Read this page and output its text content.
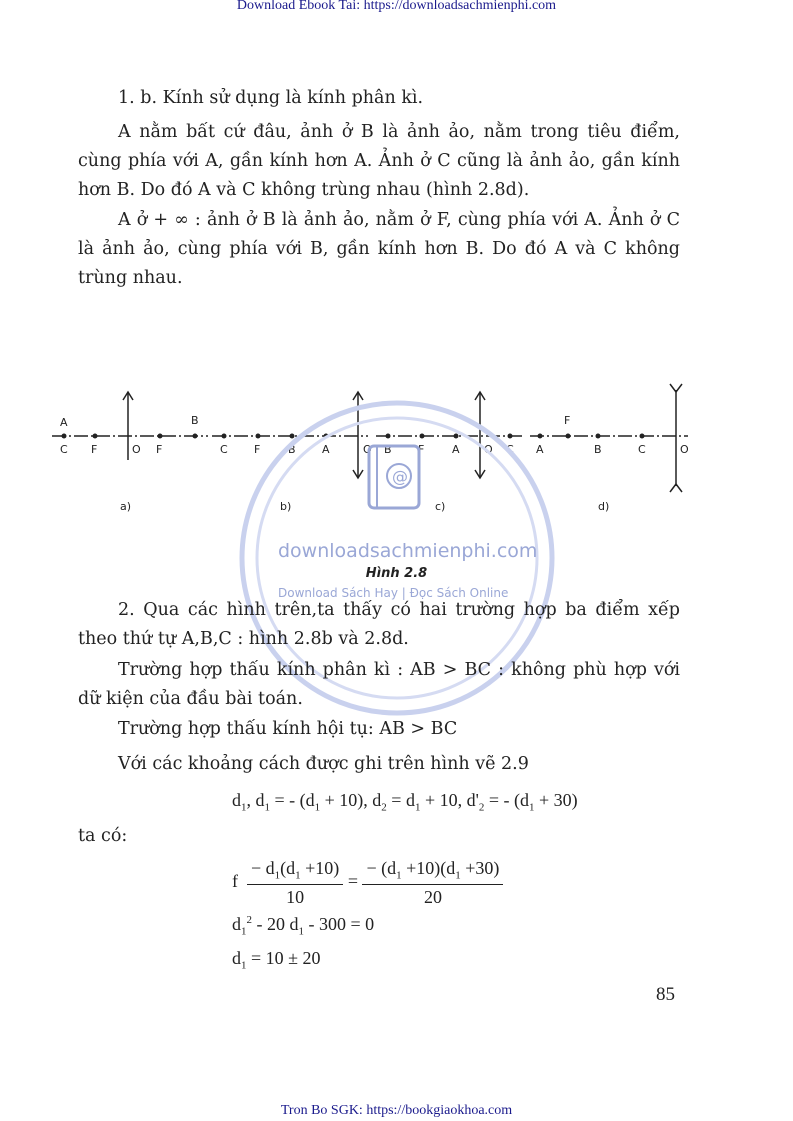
Download Ebook Tai: https://downloadsachmienphi.com
1. b. Kính sử dụng là kính phân kì.
A nằm bất cứ đâu, ảnh ở B là ảnh ảo, nằm trong tiêu điểm, cùng phía với A, gần kính hơn A. Ảnh ở C cũng là ảnh ảo, gần kính hơn B. Do đó A và C không trùng nhau (hình 2.8d).
A ở + ∞ : ảnh ở B là ảnh ảo, nằm ở F, cùng phía với A. Ảnh ở C là ảnh ảo, cùng phía với B, gần kính hơn B. Do đó A và C không trùng nhau.
A	B
C F	O F
a)
C F	B A	O
b)
B F	A O C
c)
F
A	B	C	O
d)
@
downloadsachmienphi.com
Hình 2.8
Download Sách Hay | Đọc Sách Online
2. Qua các hình trên,ta thấy có hai trường hợp ba điểm xếp theo thứ tự A,B,C : hình 2.8b và 2.8d.
Trường hợp thấu kính phân kì : AB > BC : không phù hợp với dữ kiện của đầu bài toán.
Trường hợp thấu kính hội tụ: AB > BC
Với các khoảng cách được ghi trên hình vẽ 2.9
$d_1$, $d_1$ = - $(d_1 + 10)$, $d_2 = d_1 + 10$, $d'_2$ = - $(d_1 + 30)$
ta có:
f $\frac{- d_1(d_1 +10)}{10} = \frac{- (d_1 +10)(d_1 +30)}{20}$
$d_1^2 - 20$ $d_1 - 300 = 0$
$d_1 = 10 \pm 20$
85
Tron Bo SGK: https://bookgiaokhoa.com
